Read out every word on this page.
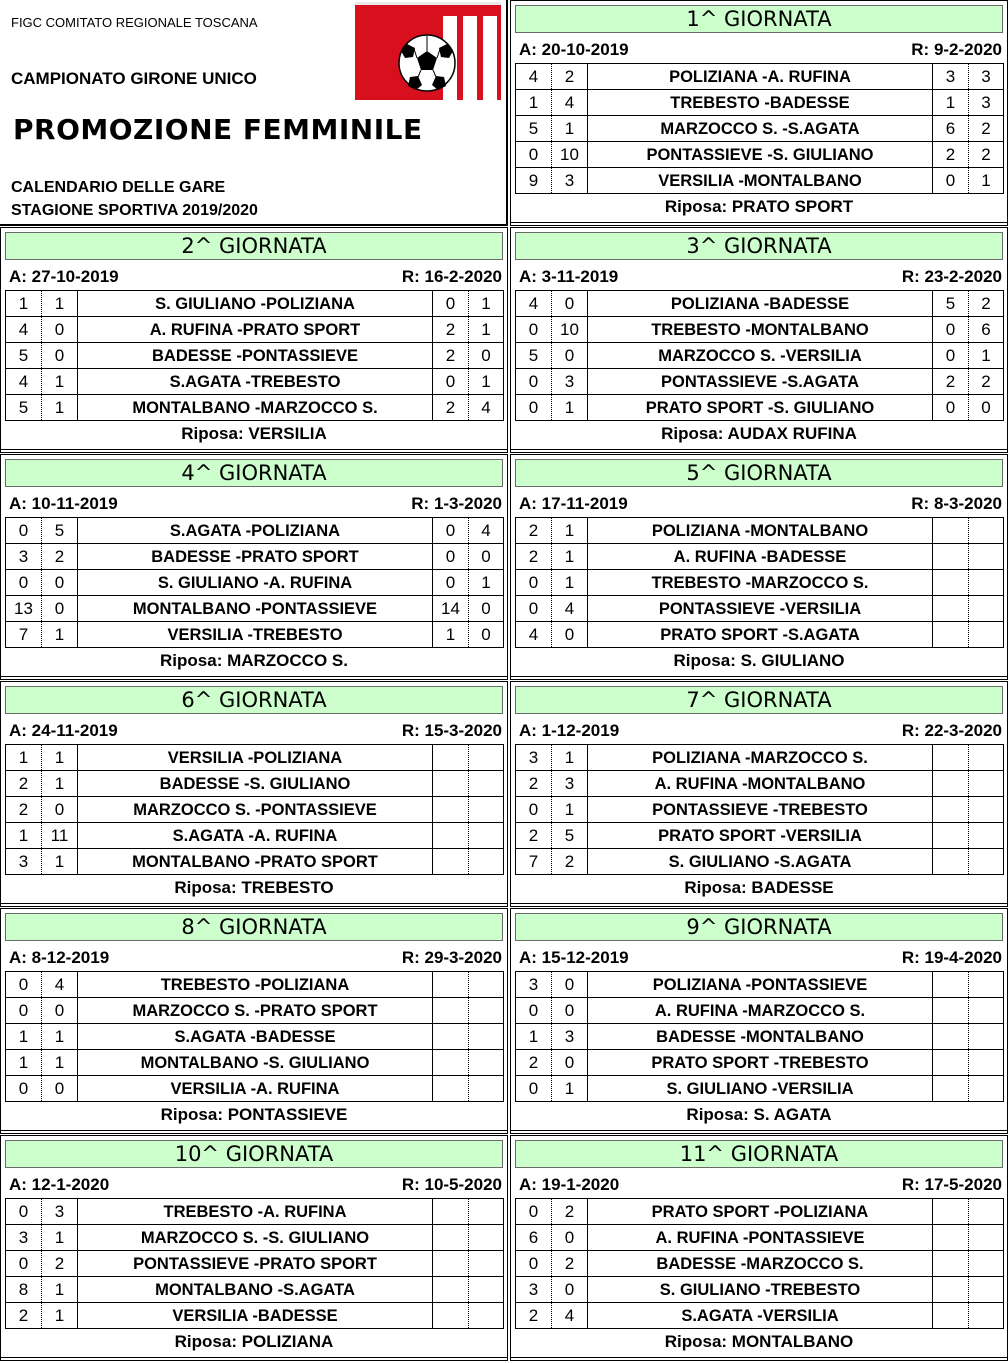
FIGC COMITATO REGIONALE TOSCANA
CAMPIONATO GIRONE UNICO
PROMOZIONE FEMMINILE
CALENDARIO DELLE GARE
STAGIONE SPORTIVA 2019/2020
1^ GIORNATA
A: 20-10-2019	R: 9-2-2020
4	2	POLIZIANA -A. RUFINA	3	3
1	4	TREBESTO -BADESSE	1	3
5	1	MARZOCCO S. -S.AGATA	6	2
0	10	PONTASSIEVE -S. GIULIANO	2	2
9	3	VERSILIA -MONTALBANO	0	1
Riposa: PRATO SPORT
2^ GIORNATA
A: 27-10-2019	R: 16-2-2020
1	1	S. GIULIANO -POLIZIANA	0	1
4	0	A. RUFINA -PRATO SPORT	2	1
5	0	BADESSE -PONTASSIEVE	2	0
4	1	S.AGATA -TREBESTO	0	1
5	1	MONTALBANO -MARZOCCO S.	2	4
Riposa: VERSILIA
3^ GIORNATA
A: 3-11-2019	R: 23-2-2020
4	0	POLIZIANA -BADESSE	5	2
0	10	TREBESTO -MONTALBANO	0	6
5	0	MARZOCCO S. -VERSILIA	0	1
0	3	PONTASSIEVE -S.AGATA	2	2
0	1	PRATO SPORT -S. GIULIANO	0	0
Riposa: AUDAX RUFINA
4^ GIORNATA
A: 10-11-2019	R: 1-3-2020
0	5	S.AGATA -POLIZIANA	0	4
3	2	BADESSE -PRATO SPORT	0	0
0	0	S. GIULIANO -A. RUFINA	0	1
13	0	MONTALBANO -PONTASSIEVE	14	0
7	1	VERSILIA -TREBESTO	1	0
Riposa: MARZOCCO S.
5^ GIORNATA
A: 17-11-2019	R: 8-3-2020
2	1	POLIZIANA -MONTALBANO		
2	1	A. RUFINA -BADESSE		
0	1	TREBESTO -MARZOCCO S.		
0	4	PONTASSIEVE -VERSILIA		
4	0	PRATO SPORT -S.AGATA		
Riposa: S. GIULIANO
6^ GIORNATA
A: 24-11-2019	R: 15-3-2020
1	1	VERSILIA -POLIZIANA		
2	1	BADESSE -S. GIULIANO		
2	0	MARZOCCO S. -PONTASSIEVE		
1	11	S.AGATA -A. RUFINA		
3	1	MONTALBANO -PRATO SPORT		
Riposa: TREBESTO
7^ GIORNATA
A: 1-12-2019	R: 22-3-2020
3	1	POLIZIANA -MARZOCCO S.		
2	3	A. RUFINA -MONTALBANO		
0	1	PONTASSIEVE -TREBESTO		
2	5	PRATO SPORT -VERSILIA		
7	2	S. GIULIANO -S.AGATA		
Riposa: BADESSE
8^ GIORNATA
A: 8-12-2019	R: 29-3-2020
0	4	TREBESTO -POLIZIANA		
0	0	MARZOCCO S. -PRATO SPORT		
1	1	S.AGATA -BADESSE		
1	1	MONTALBANO -S. GIULIANO		
0	0	VERSILIA -A. RUFINA		
Riposa: PONTASSIEVE
9^ GIORNATA
A: 15-12-2019	R: 19-4-2020
3	0	POLIZIANA -PONTASSIEVE		
0	0	A. RUFINA -MARZOCCO S.		
1	3	BADESSE -MONTALBANO		
2	0	PRATO SPORT -TREBESTO		
0	1	S. GIULIANO -VERSILIA		
Riposa: S. AGATA
10^ GIORNATA
A: 12-1-2020	R: 10-5-2020
0	3	TREBESTO -A. RUFINA		
3	1	MARZOCCO S. -S. GIULIANO		
0	2	PONTASSIEVE -PRATO SPORT		
8	1	MONTALBANO -S.AGATA		
2	1	VERSILIA -BADESSE		
Riposa: POLIZIANA
11^ GIORNATA
A: 19-1-2020	R: 17-5-2020
0	2	PRATO SPORT -POLIZIANA		
6	0	A. RUFINA -PONTASSIEVE		
0	2	BADESSE -MARZOCCO S.		
3	0	S. GIULIANO -TREBESTO		
2	4	S.AGATA -VERSILIA		
Riposa: MONTALBANO
